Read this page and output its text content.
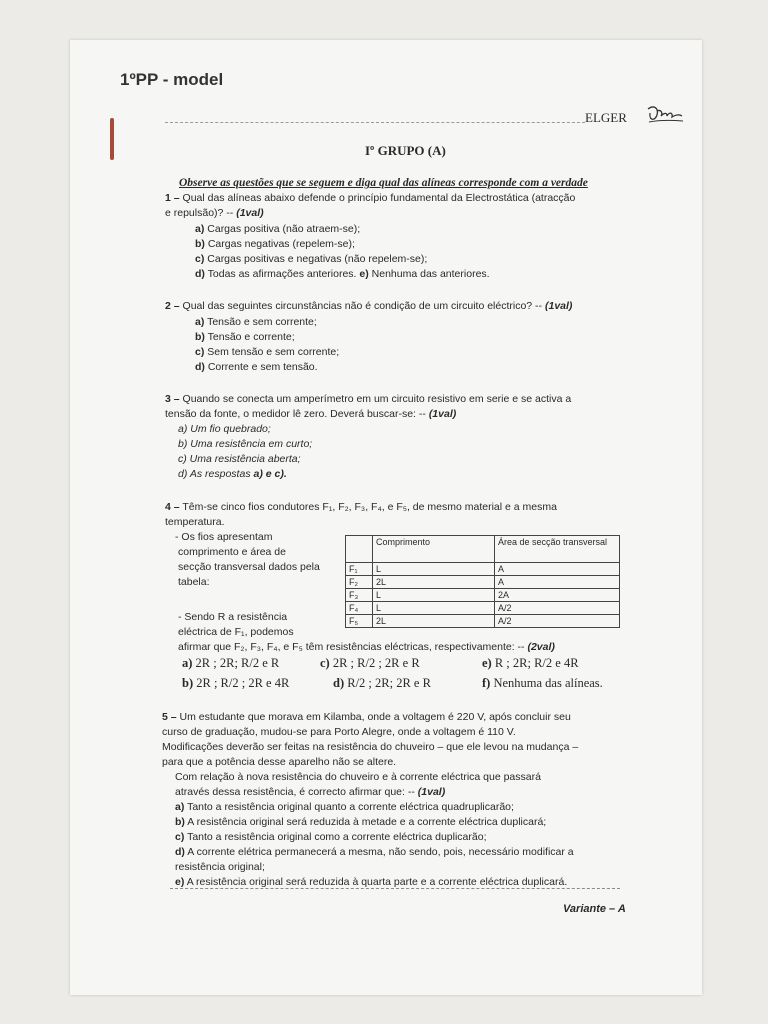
1ºPP - model
ELGER
Iº GRUPO (A)
Observe as questões que se seguem e diga qual das alíneas corresponde com a verdade
1 – Qual das alíneas abaixo defende o princípio fundamental da Electrostática (atracção
e repulsão)? -- (1val)
a) Cargas positiva (não atraem-se);
b) Cargas negativas (repelem-se);
c) Cargas positivas e negativas (não repelem-se);
d) Todas as afirmações anteriores. e) Nenhuma das anteriores.
2 – Qual das seguintes circunstâncias não é condição de um circuito eléctrico? -- (1val)
a) Tensão e sem corrente;
b) Tensão e corrente;
c) Sem tensão e sem corrente;
d) Corrente e sem tensão.
3 – Quando se conecta um amperímetro em um circuito resistivo em serie e se activa a
tensão da fonte, o medidor lê zero. Deverá buscar-se: -- (1val)
a) Um fio quebrado;
b) Uma resistência em curto;
c) Uma resistência aberta;
d) As respostas a) e c).
4 – Têm-se cinco fios condutores F₁, F₂, F₃, F₄, e F₅, de mesmo material e a mesma
temperatura.
- Os fios apresentam
comprimento e área de
secção transversal dados pela
tabela:
- Sendo R a resistência
eléctrica de F₁, podemos
	Comprimento	Área de secção transversal
F₁	L	A
F₂	2L	A
F₃	L	2A
F₄	L	A/2
F₅	2L	A/2
afirmar que F₂, F₃, F₄, e F₅ têm resistências eléctricas, respectivamente: -- (2val)
a) 2R ; 2R; R/2 e R	c) 2R ; R/2 ; 2R e R	e) R ; 2R; R/2 e 4R
b) 2R ; R/2 ; 2R e 4R	d) R/2 ; 2R; 2R e R	f) Nenhuma das alíneas.
5 – Um estudante que morava em Kilamba, onde a voltagem é 220 V, após concluir seu
curso de graduação, mudou-se para Porto Alegre, onde a voltagem é 110 V.
Modificações deverão ser feitas na resistência do chuveiro – que ele levou na mudança –
para que a potência desse aparelho não se altere.
Com relação à nova resistência do chuveiro e à corrente eléctrica que passará
através dessa resistência, é correcto afirmar que: -- (1val)
a) Tanto a resistência original quanto a corrente eléctrica quadruplicarão;
b) A resistência original será reduzida à metade e a corrente eléctrica duplicará;
c) Tanto a resistência original como a corrente eléctrica duplicarão;
d) A corrente elétrica permanecerá a mesma, não sendo, pois, necessário modificar a
resistência original;
e) A resistência original será reduzida à quarta parte e a corrente eléctrica duplicará.
Variante – A
